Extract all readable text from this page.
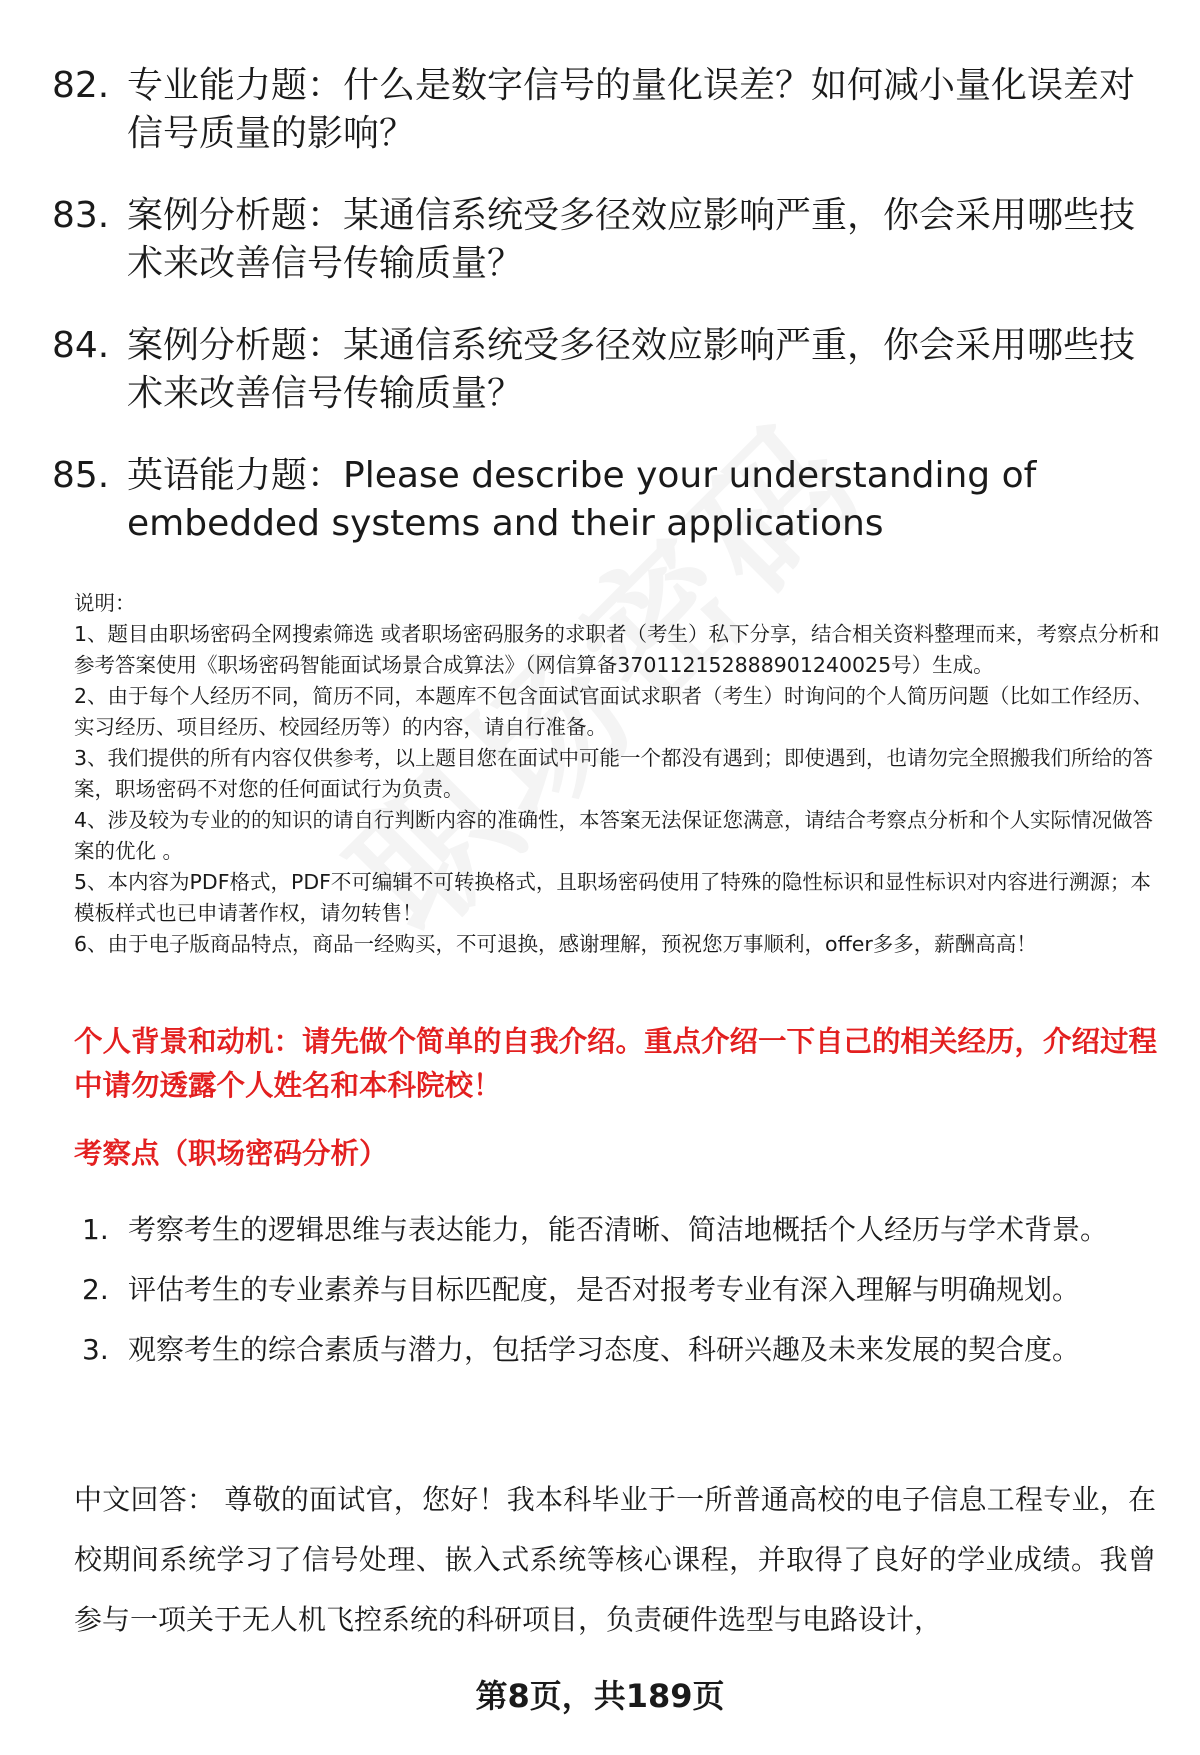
82. 专业能力题：什么是数字信号的量化误差？如何减小量化误差对信号质量的影响？
83. 案例分析题：某通信系统受多径效应影响严重，你会采用哪些技术来改善信号传输质量？
84. 案例分析题：某通信系统受多径效应影响严重，你会采用哪些技术来改善信号传输质量？
85. 英语能力题：Please describe your understanding of embedded systems and their applications
说明：
1、题目由职场密码全网搜索筛选 或者职场密码服务的求职者（考生）私下分享，结合相关资料整理而来，考察点分析和参考答案使用《职场密码智能面试场景合成算法》（网信算备370112152888901240025号）生成。
2、由于每个人经历不同，简历不同，本题库不包含面试官面试求职者（考生）时询问的个人简历问题（比如工作经历、实习经历、项目经历、校园经历等）的内容，请自行准备。
3、我们提供的所有内容仅供参考，以上题目您在面试中可能一个都没有遇到；即使遇到，也请勿完全照搬我们所给的答案，职场密码不对您的任何面试行为负责。
4、涉及较为专业的的知识的请自行判断内容的准确性，本答案无法保证您满意，请结合考察点分析和个人实际情况做答案的优化 。
5、本内容为PDF格式，PDF不可编辑不可转换格式，且职场密码使用了特殊的隐性标识和显性标识对内容进行溯源；本模板样式也已申请著作权，请勿转售！
6、由于电子版商品特点，商品一经购买，不可退换，感谢理解，预祝您万事顺利，offer多多，薪酬高高！
个人背景和动机：请先做个简单的自我介绍。重点介绍一下自己的相关经历，介绍过程中请勿透露个人姓名和本科院校！
考察点（职场密码分析）
1. 考察考生的逻辑思维与表达能力，能否清晰、简洁地概括个人经历与学术背景。
2. 评估考生的专业素养与目标匹配度，是否对报考专业有深入理解与明确规划。
3. 观察考生的综合素质与潜力，包括学习态度、科研兴趣及未来发展的契合度。
中文回答： 尊敬的面试官，您好！我本科毕业于一所普通高校的电子信息工程专业，在校期间系统学习了信号处理、嵌入式系统等核心课程，并取得了良好的学业成绩。我曾参与一项关于无人机飞控系统的科研项目，负责硬件选型与电路设计，
第8页，共189页
